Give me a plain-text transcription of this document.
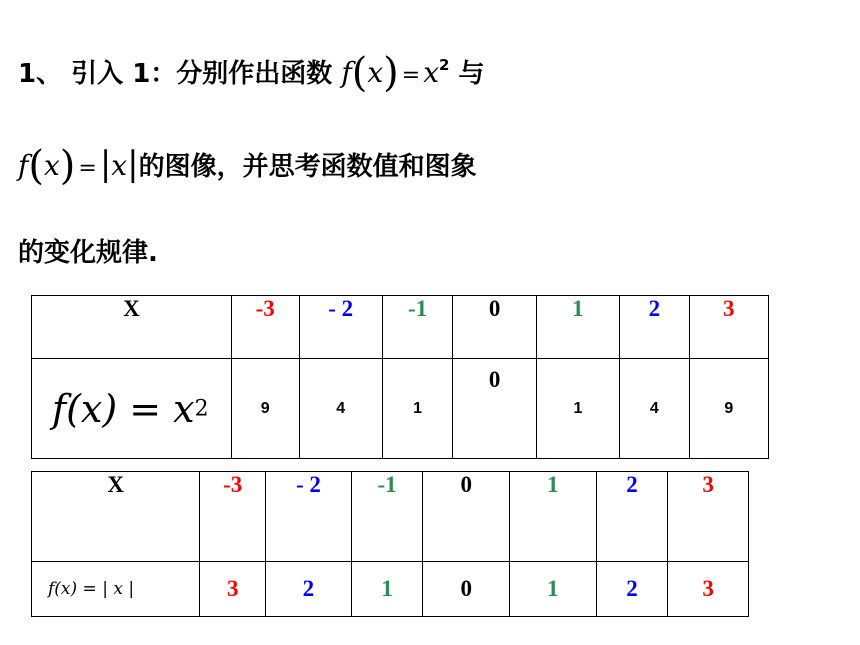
1、 引入 1：分别作出函数 $f(x) = x^2$ 与
f(x) =|x|的图像，并思考函数值和图象
的变化规律.
X	-3	- 2	-1	0	1	2	3
$f(x) = x^2$	9	4	1	0	1	4	9
X	-3	- 2	-1	0	1	2	3
f(x) = | x |	3	2	1	0	1	2	3
